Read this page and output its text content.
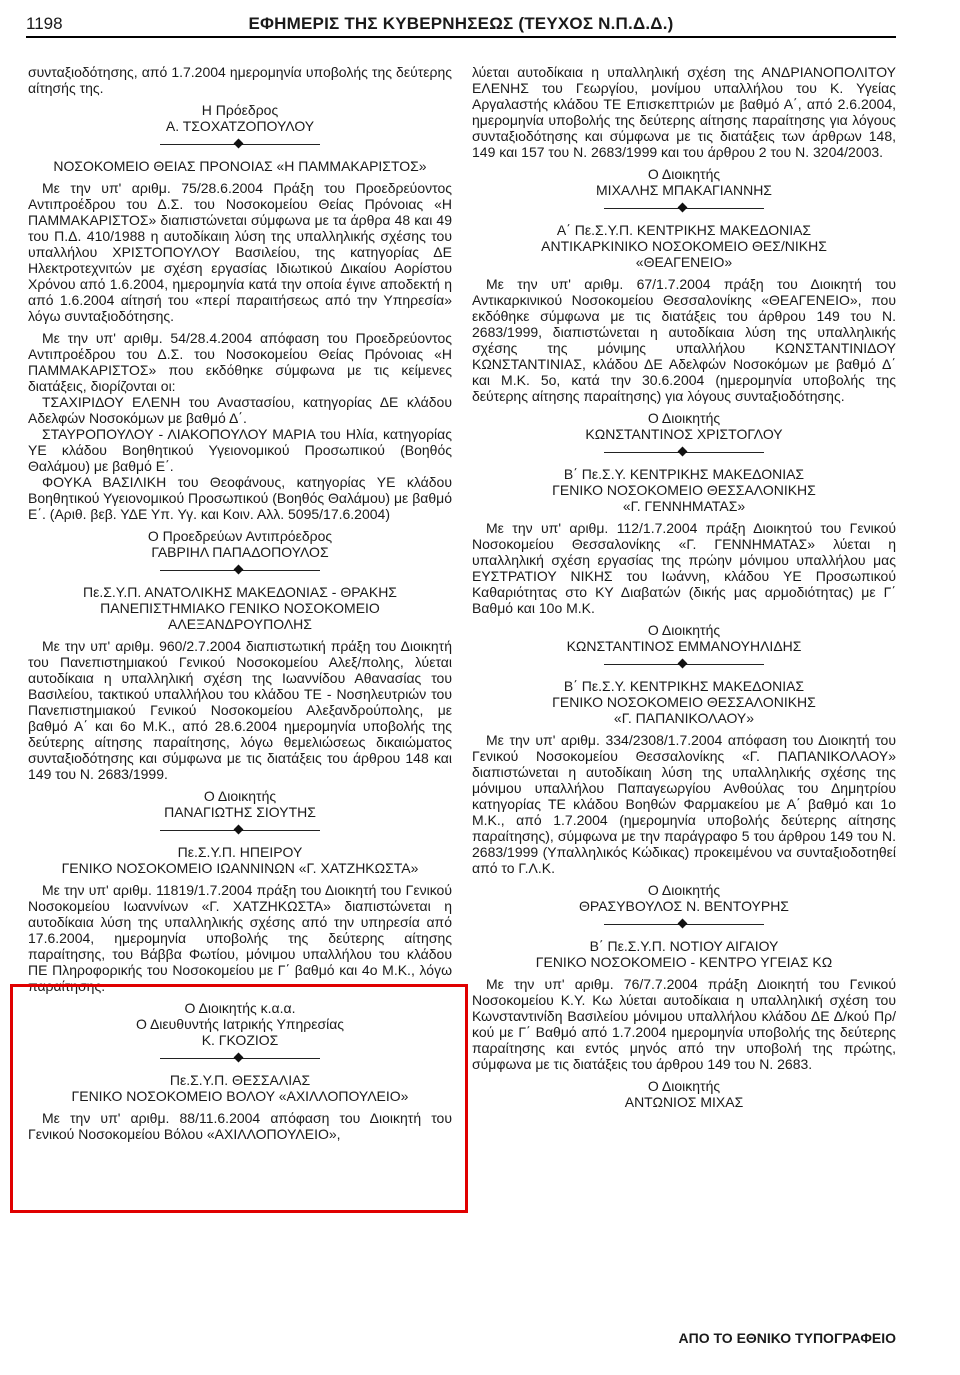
1198	ΕΦΗΜΕΡΙΣ ΤΗΣ ΚΥΒΕΡΝΗΣΕΩΣ (ΤΕΥΧΟΣ Ν.Π.Δ.Δ.)

συνταξιοδότησης, από 1.7.2004 ημερομηνία υποβολής της δεύτερης αίτησής της.

Η Πρόεδρος
Α. ΤΣΟΧΑΤΖΟΠΟΥΛΟΥ
ΝΟΣΟΚΟΜΕΙΟ ΘΕΙΑΣ ΠΡΟΝΟΙΑΣ «Η ΠΑΜΜΑΚΑΡΙΣΤΟΣ»

Με την υπ' αριθμ. 75/28.6.2004 Πράξη του Προεδρεύοντος Αντιπροέδρου του Δ.Σ. του Νοσοκομείου Θείας Πρόνοιας «Η ΠΑΜΜΑΚΑΡΙΣΤΟΣ» διαπιστώνεται σύμφωνα με τα άρθρα 48 και 49 του Π.Δ. 410/1988 η αυτοδίκαιη λύση της υπαλληλικής σχέσης του υπαλλήλου ΧΡΙΣΤΟΠΟΥΛΟΥ Βασιλείου, της κατηγορίας ΔΕ Ηλεκτροτεχνιτών με σχέση εργασίας Ιδιωτικού Δικαίου Αορίστου Χρόνου από 1.6.2004, ημερομηνία κατά την οποία έγινε αποδεκτή η από 1.6.2004 αίτησή του «περί παραιτήσεως από την Υπηρεσία» λόγω συνταξιοδότησης.

Με την υπ' αριθμ. 54/28.4.2004 απόφαση του Προεδρεύοντος Αντιπροέδρου του Δ.Σ. του Νοσοκομείου Θείας Πρόνοιας «Η ΠΑΜΜΑΚΑΡΙΣΤΟΣ» που εκδόθηκε σύμφωνα με τις κείμενες διατάξεις, διορίζονται οι:

ΤΣΑΧΙΡΙΔΟΥ ΕΛΕΝΗ του Αναστασίου, κατηγορίας ΔΕ κλάδου Αδελφών Νοσοκόμων με βαθμό Δ΄.

ΣΤΑΥΡΟΠΟΥΛΟΥ - ΛΙΑΚΟΠΟΥΛΟΥ ΜΑΡΙΑ του Ηλία, κατηγορίας ΥΕ κλάδου Βοηθητικού Υγειονομικού Προσωπικού (Βοηθός Θαλάμου) με βαθμό Ε΄.

ΦΟΥΚΑ ΒΑΣΙΛΙΚΗ του Θεοφάνους, κατηγορίας ΥΕ κλάδου Βοηθητικού Υγειονομικού Προσωπικού (Βοηθός Θαλάμου) με βαθμό Ε΄. (Αριθ. βεβ. ΥΔΕ Υπ. Υγ. και Κοιν. Αλλ. 5095/17.6.2004)

Ο Προεδρεύων Αντιπρόεδρος
ΓΑΒΡΙΗΛ ΠΑΠΑΔΟΠΟΥΛΟΣ
Πε.Σ.Υ.Π. ΑΝΑΤΟΛΙΚΗΣ ΜΑΚΕΔΟΝΙΑΣ - ΘΡΑΚΗΣ
ΠΑΝΕΠΙΣΤΗΜΙΑΚΟ ΓΕΝΙΚΟ ΝΟΣΟΚΟΜΕΙΟ
ΑΛΕΞΑΝΔΡΟΥΠΟΛΗΣ

Με την υπ' αριθμ. 960/2.7.2004 διαπιστωτική πράξη του Διοικητή του Πανεπιστημιακού Γενικού Νοσοκομείου Αλεξ/πολης, λύεται αυτοδίκαια η υπαλληλική σχέση της Ιωαννίδου Αθανασίας του Βασιλείου, τακτικού υπαλλήλου του κλάδου ΤΕ - Νοσηλευτριών του Πανεπιστημιακού Γενικού Νοσοκομείου Αλεξανδρούπολης, με βαθμό Α΄ και 6ο Μ.Κ., από 28.6.2004 ημερομηνία υποβολής της δεύτερης αίτησης παραίτησης, λόγω θεμελιώσεως δικαιώματος συνταξιοδότησης και σύμφωνα με τις διατάξεις του άρθρου 148 και 149 του Ν. 2683/1999.

Ο Διοικητής
ΠΑΝΑΓΙΩΤΗΣ ΣΙΟΥΤΗΣ
Πε.Σ.Υ.Π. ΗΠΕΙΡΟΥ
ΓΕΝΙΚΟ ΝΟΣΟΚΟΜΕΙΟ ΙΩΑΝΝΙΝΩΝ «Γ. ΧΑΤΖΗΚΩΣΤΑ»

Με την υπ' αριθμ. 11819/1.7.2004 πράξη του Διοικητή του Γενικού Νοσοκομείου Ιωαννίνων «Γ. ΧΑΤΖΗΚΩΣΤΑ» διαπιστώνεται η αυτοδίκαια λύση της υπαλληλικής σχέσης από την υπηρεσία από 17.6.2004, ημερομηνία υποβολής της δεύτερης αίτησης παραίτησης, του Βάββα Φωτίου, μόνιμου υπαλλήλου του κλάδου ΠΕ Πληροφορικής του Νοσοκομείου με Γ΄ βαθμό και 4ο Μ.Κ., λόγω παραίτησης.

Ο Διοικητής κ.α.α.
Ο Διευθυντής Ιατρικής Υπηρεσίας
Κ. ΓΚΟΖΙΟΣ
Πε.Σ.Υ.Π. ΘΕΣΣΑΛΙΑΣ
ΓΕΝΙΚΟ ΝΟΣΟΚΟΜΕΙΟ ΒΟΛΟΥ «ΑΧΙΛΛΟΠΟΥΛΕΙΟ»

Με την υπ' αριθμ. 88/11.6.2004 απόφαση του Διοικητή του Γενικού Νοσοκομείου Βόλου «ΑΧΙΛΛΟΠΟΥΛΕΙΟ»,

λύεται αυτοδίκαια η υπαλληλική σχέση της ΑΝΔΡΙΑΝΟΠΟΛΙΤΟΥ ΕΛΕΝΗΣ του Γεωργίου, μονίμου υπαλλήλου του Κ. Υγείας Αργαλαστής κλάδου ΤΕ Επισκεπτριών με βαθμό Α΄, από 2.6.2004, ημερομηνία υποβολής της δεύτερης αίτησης παραίτησης για λόγους συνταξιοδότησης και σύμφωνα με τις διατάξεις των άρθρων 148, 149 και 157 του Ν. 2683/1999 και του άρθρου 2 του Ν. 3204/2003.

Ο Διοικητής
ΜΙΧΑΛΗΣ ΜΠΑΚΑΓΙΑΝΝΗΣ
Α΄ Πε.Σ.Υ.Π. ΚΕΝΤΡΙΚΗΣ ΜΑΚΕΔΟΝΙΑΣ
ΑΝΤΙΚΑΡΚΙΝΙΚΟ ΝΟΣΟΚΟΜΕΙΟ ΘΕΣ/ΝΙΚΗΣ
«ΘΕΑΓΕΝΕΙΟ»

Με την υπ' αριθμ. 67/1.7.2004 πράξη του Διοικητή του Αντικαρκινικού Νοσοκομείου Θεσσαλονίκης «ΘΕΑΓΕΝΕΙΟ», που εκδόθηκε σύμφωνα με τις διατάξεις του άρθρου 149 του Ν. 2683/1999, διαπιστώνεται η αυτοδίκαια λύση της υπαλληλικής σχέσης της μόνιμης υπαλλήλου ΚΩΝΣΤΑΝΤΙΝΙΔΟΥ ΚΩΝΣΤΑΝΤΙΝΙΑΣ, κλάδου ΔΕ Αδελφών Νοσοκόμων με βαθμό Δ΄ και Μ.Κ. 5ο, κατά την 30.6.2004 (ημερομηνία υποβολής της δεύτερης αίτησης παραίτησης) για λόγους συνταξιοδότησης.

Ο Διοικητής
ΚΩΝΣΤΑΝΤΙΝΟΣ ΧΡΙΣΤΟΓΛΟΥ
Β΄ Πε.Σ.Υ. ΚΕΝΤΡΙΚΗΣ ΜΑΚΕΔΟΝΙΑΣ
ΓΕΝΙΚΟ ΝΟΣΟΚΟΜΕΙΟ ΘΕΣΣΑΛΟΝΙΚΗΣ
«Γ. ΓΕΝΝΗΜΑΤΑΣ»

Με την υπ' αριθμ. 112/1.7.2004 πράξη Διοικητού του Γενικού Νοσοκομείου Θεσσαλονίκης «Γ. ΓΕΝΝΗΜΑΤΑΣ» λύεται η υπαλληλική σχέση εργασίας της πρώην μόνιμου υπαλλήλου μας ΕΥΣΤΡΑΤΙΟΥ ΝΙΚΗΣ του Ιωάννη, κλάδου ΥΕ Προσωπικού Καθαριότητας στο ΚΥ Διαβατών (δικής μας αρμοδιότητας) με Γ΄ Βαθμό και 10ο Μ.Κ.

Ο Διοικητής
ΚΩΝΣΤΑΝΤΙΝΟΣ ΕΜΜΑΝΟΥΗΛΙΔΗΣ
Β΄ Πε.Σ.Υ. ΚΕΝΤΡΙΚΗΣ ΜΑΚΕΔΟΝΙΑΣ
ΓΕΝΙΚΟ ΝΟΣΟΚΟΜΕΙΟ ΘΕΣΣΑΛΟΝΙΚΗΣ
«Γ. ΠΑΠΑΝΙΚΟΛΑΟΥ»

Με την υπ' αριθμ. 334/2308/1.7.2004 απόφαση του Διοικητή του Γενικού Νοσοκομείου Θεσσαλονίκης «Γ. ΠΑΠΑΝΙΚΟΛΑΟΥ» διαπιστώνεται η αυτοδίκαιη λύση της υπαλληλικής σχέσης της μόνιμου υπαλλήλου Παπαγεωργίου Ανθούλας του Δημητρίου κατηγορίας ΤΕ κλάδου Βοηθών Φαρμακείου με Α΄ βαθμό και 1ο Μ.Κ., από 1.7.2004 (ημερομηνία υποβολής δεύτερης αίτησης παραίτησης), σύμφωνα με την παράγραφο 5 του άρθρου 149 του Ν. 2683/1999 (Υπαλληλικός Κώδικας) προκειμένου να συνταξιοδοτηθεί από το Γ.Λ.Κ.

Ο Διοικητής
ΘΡΑΣΥΒΟΥΛΟΣ Ν. ΒΕΝΤΟΥΡΗΣ
Β΄ Πε.Σ.Υ.Π. ΝΟΤΙΟΥ ΑΙΓΑΙΟΥ
ΓΕΝΙΚΟ ΝΟΣΟΚΟΜΕΙΟ - ΚΕΝΤΡΟ ΥΓΕΙΑΣ ΚΩ

Με την υπ' αριθμ. 76/7.7.2004 πράξη Διοικητή του Γενικού Νοσοκομείου Κ.Υ. Κω λύεται αυτοδίκαια η υπαλληλική σχέση του Κωνσταντινίδη Βασιλείου μόνιμου υπαλλήλου κλάδου ΔΕ Δ/κού Πρ/κού με Γ΄ Βαθμό από 1.7.2004 ημερομηνία υποβολής της δεύτερης παραίτησης και εντός μηνός από την υποβολή της πρώτης, σύμφωνα με τις διατάξεις του άρθρου 149 του Ν. 2683.

Ο Διοικητής
ΑΝΤΩΝΙΟΣ ΜΙΧΑΣ
ΑΠΟ ΤΟ ΕΘΝΙΚΟ ΤΥΠΟΓΡΑΦΕΙΟ
